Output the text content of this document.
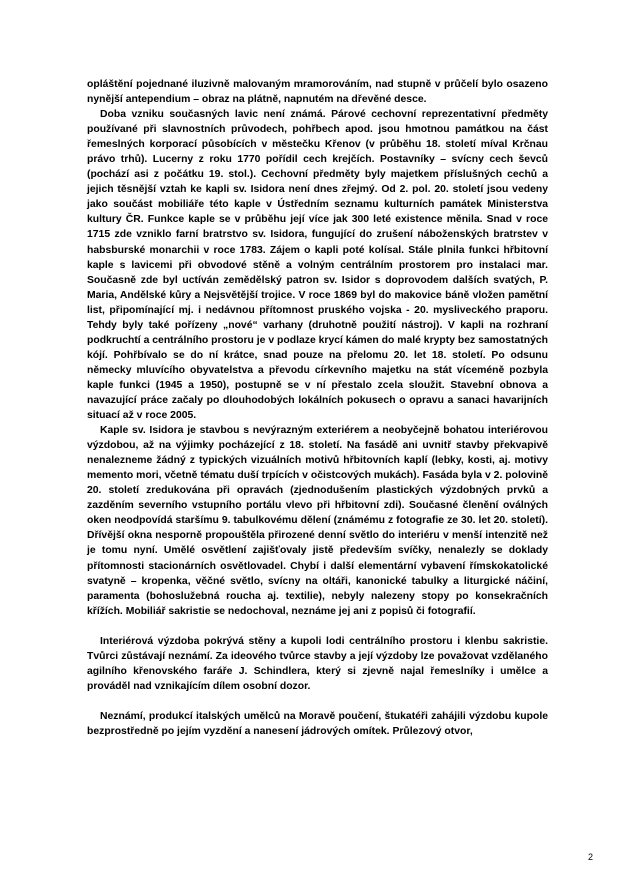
opláštění pojednané iluzivně malovaným mramorováním, nad stupně v průčelí bylo osazeno nynější antependium – obraz na plátně, napnutém na dřevěné desce.

Doba vzniku současných lavic není známá. Párové cechovní reprezentativní předměty používané při slavnostních průvodech, pohřbech apod. jsou hmotnou památkou na část řemeslných korporací působících v městečku Křenov (v průběhu 18. století míval Krčnau právo trhů). Lucerny z roku 1770 pořídil cech krejčích. Postavníky – svícny cech ševců (pochází asi z počátku 19. stol.). Cechovní předměty byly majetkem příslušných cechů a jejich těsnější vztah ke kapli sv. Isidora není dnes zřejmý. Od 2. pol. 20. století jsou vedeny jako součást mobiliáře této kaple v Ústředním seznamu kulturních památek Ministerstva kultury ČR. Funkce kaple se v průběhu její více jak 300 leté existence měnila. Snad v roce 1715 zde vzniklo farní bratrstvo sv. Isidora, fungující do zrušení náboženských bratrstev v habsburské monarchii v roce 1783. Zájem o kapli poté kolísal. Stále plnila funkci hřbitovní kaple s lavicemi při obvodové stěně a volným centrálním prostorem pro instalaci mar. Současně zde byl uctíván zemědělský patron sv. Isidor s doprovodem dalších svatých, P. Maria, Andělské kůry a Nejsvětější trojice. V roce 1869 byl do makovice báně vložen pamětní list, připomínající mj. i nedávnou přítomnost pruského vojska - 20. mysliveckého praporu. Tehdy byly také pořízeny „nové“ varhany (druhotně použití nástroj). V kapli na rozhraní podkruchtí a centrálního prostoru je v podlaze krycí kámen do malé krypty bez samostatných kójí. Pohřbívalo se do ní krátce, snad pouze na přelomu 20. let 18. století. Po odsunu německy mluvícího obyvatelstva a převodu církevního majetku na stát víceméně pozbyla kaple funkci (1945 a 1950), postupně se v ní přestalo zcela sloužit. Stavební obnova a navazující práce začaly po dlouhodobých lokálních pokusech o opravu a sanaci havarijních situací až v roce 2005.

Kaple sv. Isidora je stavbou s nevýrazným exteriérem a neobyčejně bohatou interiérovou výzdobou, až na výjimky pocházející z 18. století. Na fasádě ani uvnitř stavby překvapivě nenalezneme žádný z typických vizuálních motivů hřbitovních kaplí (lebky, kosti, aj. motivy memento mori, včetně tématu duší trpících v očistcových mukách). Fasáda byla v 2. polovině 20. století zredukována při opravách (zjednodušením plastických výzdobných prvků a zazděním severního vstupního portálu vlevo při hřbitovní zdi). Současné členění oválných oken neodpovídá staršímu 9. tabulkovému dělení (známému z fotografie ze 30. let 20. století). Dřívější okna nesporně propouštěla přirozené denní světlo do interiéru v menší intenzitě než je tomu nyní. Umělé osvětlení zajišťovaly jistě především svíčky, nenalezly se doklady přítomnosti stacionárních osvětlovadel. Chybí i další elementární vybavení římskokatolické svatyně – kropenka, věčné světlo, svícny na oltáři, kanonické tabulky a liturgické náčiní, paramenta (bohoslužebná roucha aj. textilie), nebyly nalezeny stopy po konsekračních křížích. Mobiliář sakristie se nedochoval, neznáme jej ani z popisů či fotografií.

Interiérová výzdoba pokrývá stěny a kupoli lodi centrálního prostoru i klenbu sakristie. Tvůrci zůstávají neznámí. Za ideového tvůrce stavby a její výzdoby lze považovat vzdělaného agilního křenovského faráře J. Schindlera, který si zjevně najal řemeslníky i umělce a prováděl nad vznikajícím dílem osobní dozor.

Neznámí, produkcí italských umělců na Moravě poučení, štukatéři zahájili výzdobu kupole bezprostředně po jejím vyzdění a nanesení jádrových omítek. Průlezový otvor,

2
